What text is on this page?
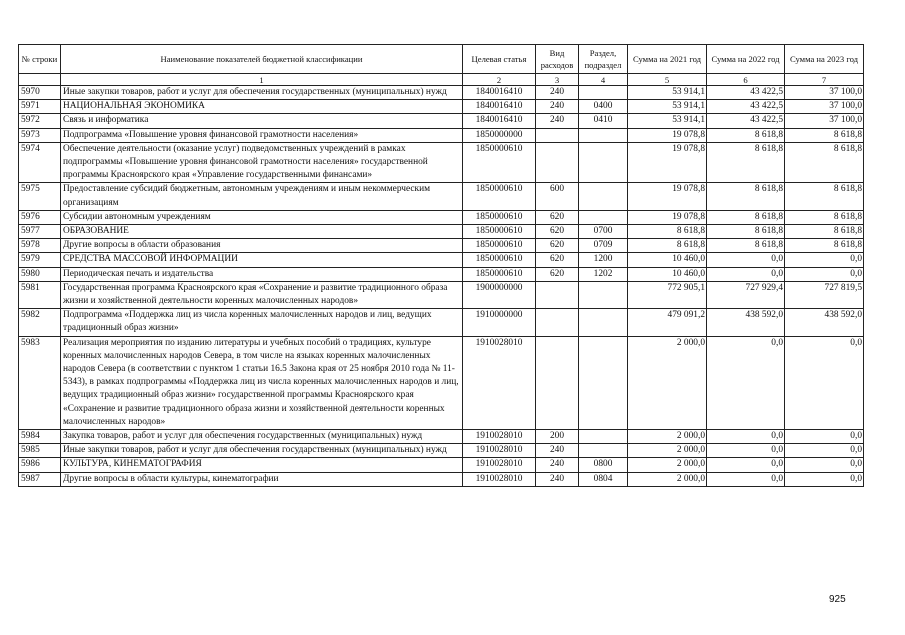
№ строки	Наименование показателей бюджетной классификации	Целевая статья	Вид расходов	Раздел, подраздел	Сумма на 2021 год	Сумма на 2022 год	Сумма на 2023 год
	1	2	3	4	5	6	7
5970	Иные закупки товаров, работ и услуг для обеспечения государственных (муниципальных) нужд	1840016410	240		53 914,1	43 422,5	37 100,0
5971	НАЦИОНАЛЬНАЯ ЭКОНОМИКА	1840016410	240	0400	53 914,1	43 422,5	37 100,0
5972	Связь и информатика	1840016410	240	0410	53 914,1	43 422,5	37 100,0
5973	Подпрограмма «Повышение уровня финансовой грамотности населения»	1850000000			19 078,8	8 618,8	8 618,8
5974	Обеспечение деятельности (оказание услуг) подведомственных учреждений в рамках подпрограммы «Повышение уровня финансовой грамотности населения» государственной программы Красноярского края «Управление государственными финансами»	1850000610			19 078,8	8 618,8	8 618,8
5975	Предоставление субсидий бюджетным, автономным учреждениям и иным некоммерческим организациям	1850000610	600		19 078,8	8 618,8	8 618,8
5976	Субсидии автономным учреждениям	1850000610	620		19 078,8	8 618,8	8 618,8
5977	ОБРАЗОВАНИЕ	1850000610	620	0700	8 618,8	8 618,8	8 618,8
5978	Другие вопросы в области образования	1850000610	620	0709	8 618,8	8 618,8	8 618,8
5979	СРЕДСТВА МАССОВОЙ ИНФОРМАЦИИ	1850000610	620	1200	10 460,0	0,0	0,0
5980	Периодическая печать и издательства	1850000610	620	1202	10 460,0	0,0	0,0
5981	Государственная программа Красноярского края «Сохранение и развитие традиционного образа жизни и хозяйственной деятельности коренных малочисленных народов»	1900000000			772 905,1	727 929,4	727 819,5
5982	Подпрограмма «Поддержка лиц из числа коренных малочисленных народов и лиц, ведущих традиционный образ жизни»	1910000000			479 091,2	438 592,0	438 592,0
5983	Реализация мероприятия по изданию литературы и учебных пособий о традициях, культуре коренных малочисленных народов Севера, в том числе на языках коренных малочисленных народов Севера (в соответствии с пунктом 1 статьи 16.5 Закона края от 25 ноября 2010 года № 11-5343), в рамках подпрограммы «Поддержка лиц из числа коренных малочисленных народов и лиц, ведущих традиционный образ жизни» государственной программы Красноярского края «Сохранение и развитие традиционного образа жизни и хозяйственной деятельности коренных малочисленных народов»	1910028010			2 000,0	0,0	0,0
5984	Закупка товаров, работ и услуг для обеспечения государственных (муниципальных) нужд	1910028010	200		2 000,0	0,0	0,0
5985	Иные закупки товаров, работ и услуг для обеспечения государственных (муниципальных) нужд	1910028010	240		2 000,0	0,0	0,0
5986	КУЛЬТУРА, КИНЕМАТОГРАФИЯ	1910028010	240	0800	2 000,0	0,0	0,0
5987	Другие вопросы в области культуры, кинематографии	1910028010	240	0804	2 000,0	0,0	0,0
925
